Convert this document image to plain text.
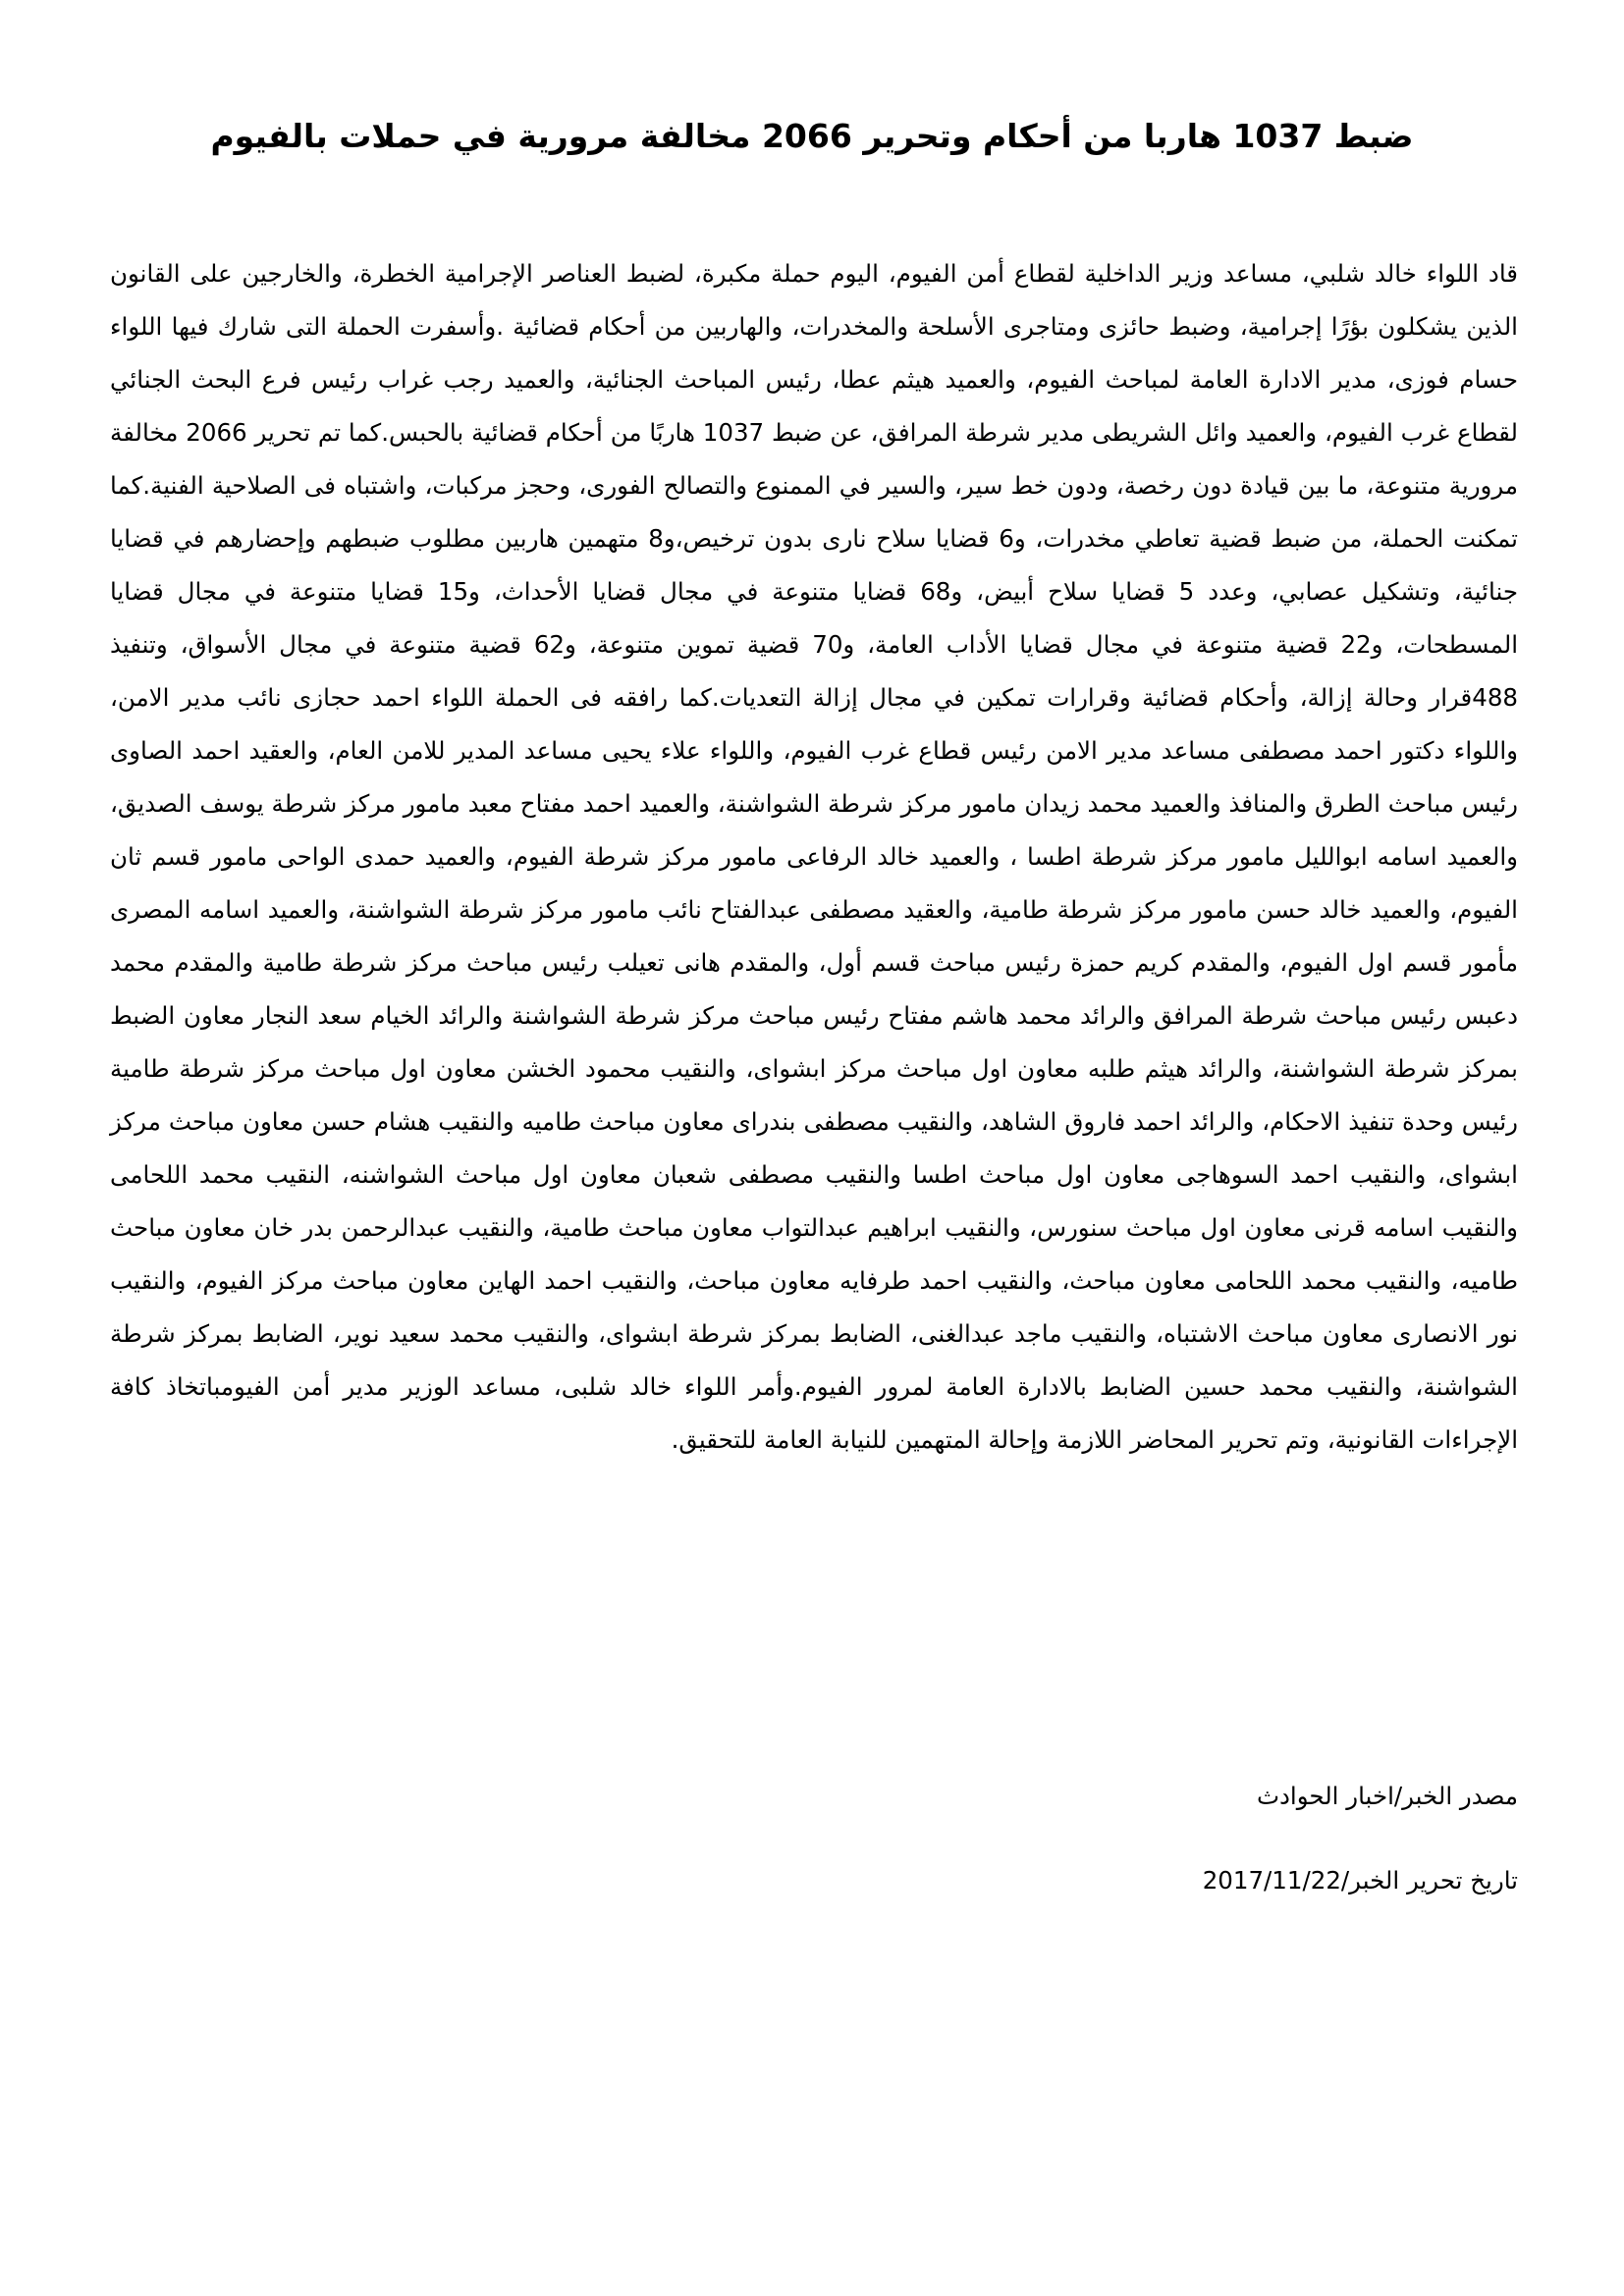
ضبط 1037 هاربا من أحكام وتحرير 2066 مخالفة مرورية في حملات بالفيوم

قاد اللواء خالد شلبي، مساعد وزير الداخلية لقطاع أمن الفيوم، اليوم حملة مكبرة، لضبط العناصر الإجرامية الخطرة، والخارجين على القانون الذين يشكلون بؤرًا إجرامية، وضبط حائزى ومتاجرى الأسلحة والمخدرات، والهاربين من أحكام قضائية .وأسفرت الحملة التى شارك فيها اللواء حسام فوزى، مدير الادارة العامة لمباحث الفيوم، والعميد هيثم عطا، رئيس المباحث الجنائية، والعميد رجب غراب رئيس فرع البحث الجنائي لقطاع غرب الفيوم، والعميد وائل الشريطى مدير شرطة المرافق، عن ضبط 1037 هاربًا من أحكام قضائية بالحبس.كما تم تحرير 2066 مخالفة مرورية متنوعة، ما بين قيادة دون رخصة، ودون خط سير، والسير في الممنوع والتصالح الفورى، وحجز مركبات، واشتباه فى الصلاحية الفنية.كما تمكنت الحملة، من ضبط قضية تعاطي مخدرات، و6 قضايا سلاح نارى بدون ترخيص،و8 متهمين هاربين مطلوب ضبطهم وإحضارهم في قضايا جنائية، وتشكيل عصابي، وعدد 5 قضايا سلاح أبيض، و68 قضايا متنوعة في مجال قضايا الأحداث، و15 قضايا متنوعة في مجال قضايا المسطحات، و22 قضية متنوعة في مجال قضايا الأداب العامة، و70 قضية تموين متنوعة، و62 قضية متنوعة في مجال الأسواق، وتنفيذ 488قرار وحالة إزالة، وأحكام قضائية وقرارات تمكين في مجال إزالة التعديات.كما رافقه فى الحملة اللواء احمد حجازى نائب مدير الامن، واللواء دكتور احمد مصطفى مساعد مدير الامن رئيس قطاع غرب الفيوم، واللواء علاء يحيى مساعد المدير للامن العام، والعقيد احمد الصاوى رئيس مباحث الطرق والمنافذ والعميد محمد زيدان مامور مركز شرطة الشواشنة، والعميد احمد مفتاح معبد مامور مركز شرطة يوسف الصديق، والعميد اسامه ابوالليل مامور مركز شرطة اطسا ، والعميد خالد الرفاعى مامور مركز شرطة الفيوم، والعميد حمدى الواحى مامور قسم ثان الفيوم، والعميد خالد حسن مامور مركز شرطة طامية، والعقيد مصطفى عبدالفتاح نائب مامور مركز شرطة الشواشنة، والعميد اسامه المصرى مأمور قسم اول الفيوم، والمقدم كريم حمزة رئيس مباحث قسم أول، والمقدم هانى تعيلب رئيس مباحث مركز شرطة طامية والمقدم محمد دعبس رئيس مباحث شرطة المرافق والرائد محمد هاشم مفتاح رئيس مباحث مركز شرطة الشواشنة والرائد الخيام سعد النجار معاون الضبط بمركز شرطة الشواشنة، والرائد هيثم طلبه معاون اول مباحث مركز ابشواى، والنقيب محمود الخشن معاون اول مباحث مركز شرطة طامية رئيس وحدة تنفيذ الاحكام، والرائد احمد فاروق الشاهد، والنقيب مصطفى بندراى معاون مباحث طاميه والنقيب هشام حسن معاون مباحث مركز ابشواى، والنقيب احمد السوهاجى معاون اول مباحث اطسا والنقيب مصطفى شعبان معاون اول مباحث الشواشنه، النقيب محمد اللحامى والنقيب اسامه قرنى معاون اول مباحث سنورس، والنقيب ابراهيم عبدالتواب معاون مباحث طامية، والنقيب عبدالرحمن بدر خان معاون مباحث طاميه، والنقيب محمد اللحامى معاون مباحث، والنقيب احمد طرفايه معاون مباحث، والنقيب احمد الهاين معاون مباحث مركز الفيوم، والنقيب نور الانصارى معاون مباحث الاشتباه، والنقيب ماجد عبدالغنى، الضابط بمركز شرطة ابشواى، والنقيب محمد سعيد نوير، الضابط بمركز شرطة الشواشنة، والنقيب محمد حسين الضابط بالادارة العامة لمرور الفيوم.وأمر اللواء خالد شلبى، مساعد الوزير مدير أمن الفيومباتخاذ كافة الإجراءات القانونية، وتم تحرير المحاضر اللازمة وإحالة المتهمين للنيابة العامة للتحقيق.

مصدر الخبر/اخبار الحوادث

تاريخ تحرير الخبر/2017/11/22
